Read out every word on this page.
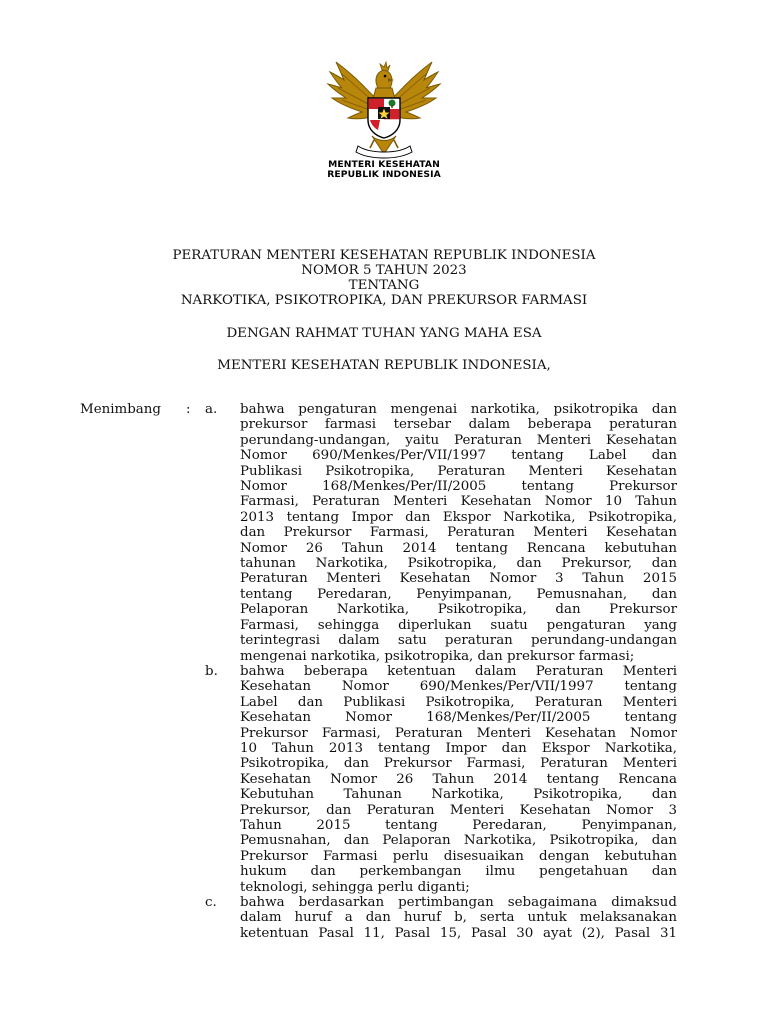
MENTERI KESEHATAN
REPUBLIK INDONESIA
PERATURAN MENTERI KESEHATAN REPUBLIK INDONESIA
NOMOR 5 TAHUN 2023
TENTANG
NARKOTIKA, PSIKOTROPIKA, DAN PREKURSOR FARMASI
DENGAN RAHMAT TUHAN YANG MAHA ESA
MENTERI KESEHATAN REPUBLIK INDONESIA,
Menimbang : a. bahwa pengaturan mengenai narkotika, psikotropika dan
prekursor farmasi tersebar dalam beberapa peraturan
perundang-undangan, yaitu Peraturan Menteri Kesehatan
Nomor 690/Menkes/Per/VII/1997 tentang Label dan
Publikasi Psikotropika, Peraturan Menteri Kesehatan
Nomor 168/Menkes/Per/II/2005 tentang Prekursor
Farmasi, Peraturan Menteri Kesehatan Nomor 10 Tahun
2013 tentang Impor dan Ekspor Narkotika, Psikotropika,
dan Prekursor Farmasi, Peraturan Menteri Kesehatan
Nomor 26 Tahun 2014 tentang Rencana kebutuhan
tahunan Narkotika, Psikotropika, dan Prekursor, dan
Peraturan Menteri Kesehatan Nomor 3 Tahun 2015
tentang Peredaran, Penyimpanan, Pemusnahan, dan
Pelaporan Narkotika, Psikotropika, dan Prekursor
Farmasi, sehingga diperlukan suatu pengaturan yang
terintegrasi dalam satu peraturan perundang-undangan
mengenai narkotika, psikotropika, dan prekursor farmasi;
b. bahwa beberapa ketentuan dalam Peraturan Menteri
Kesehatan Nomor 690/Menkes/Per/VII/1997 tentang
Label dan Publikasi Psikotropika, Peraturan Menteri
Kesehatan Nomor 168/Menkes/Per/II/2005 tentang
Prekursor Farmasi, Peraturan Menteri Kesehatan Nomor
10 Tahun 2013 tentang Impor dan Ekspor Narkotika,
Psikotropika, dan Prekursor Farmasi, Peraturan Menteri
Kesehatan Nomor 26 Tahun 2014 tentang Rencana
Kebutuhan Tahunan Narkotika, Psikotropika, dan
Prekursor, dan Peraturan Menteri Kesehatan Nomor 3
Tahun 2015 tentang Peredaran, Penyimpanan,
Pemusnahan, dan Pelaporan Narkotika, Psikotropika, dan
Prekursor Farmasi perlu disesuaikan dengan kebutuhan
hukum dan perkembangan ilmu pengetahuan dan
teknologi, sehingga perlu diganti;
c. bahwa berdasarkan pertimbangan sebagaimana dimaksud
dalam huruf a dan huruf b, serta untuk melaksanakan
ketentuan Pasal 11, Pasal 15, Pasal 30 ayat (2), Pasal 31
